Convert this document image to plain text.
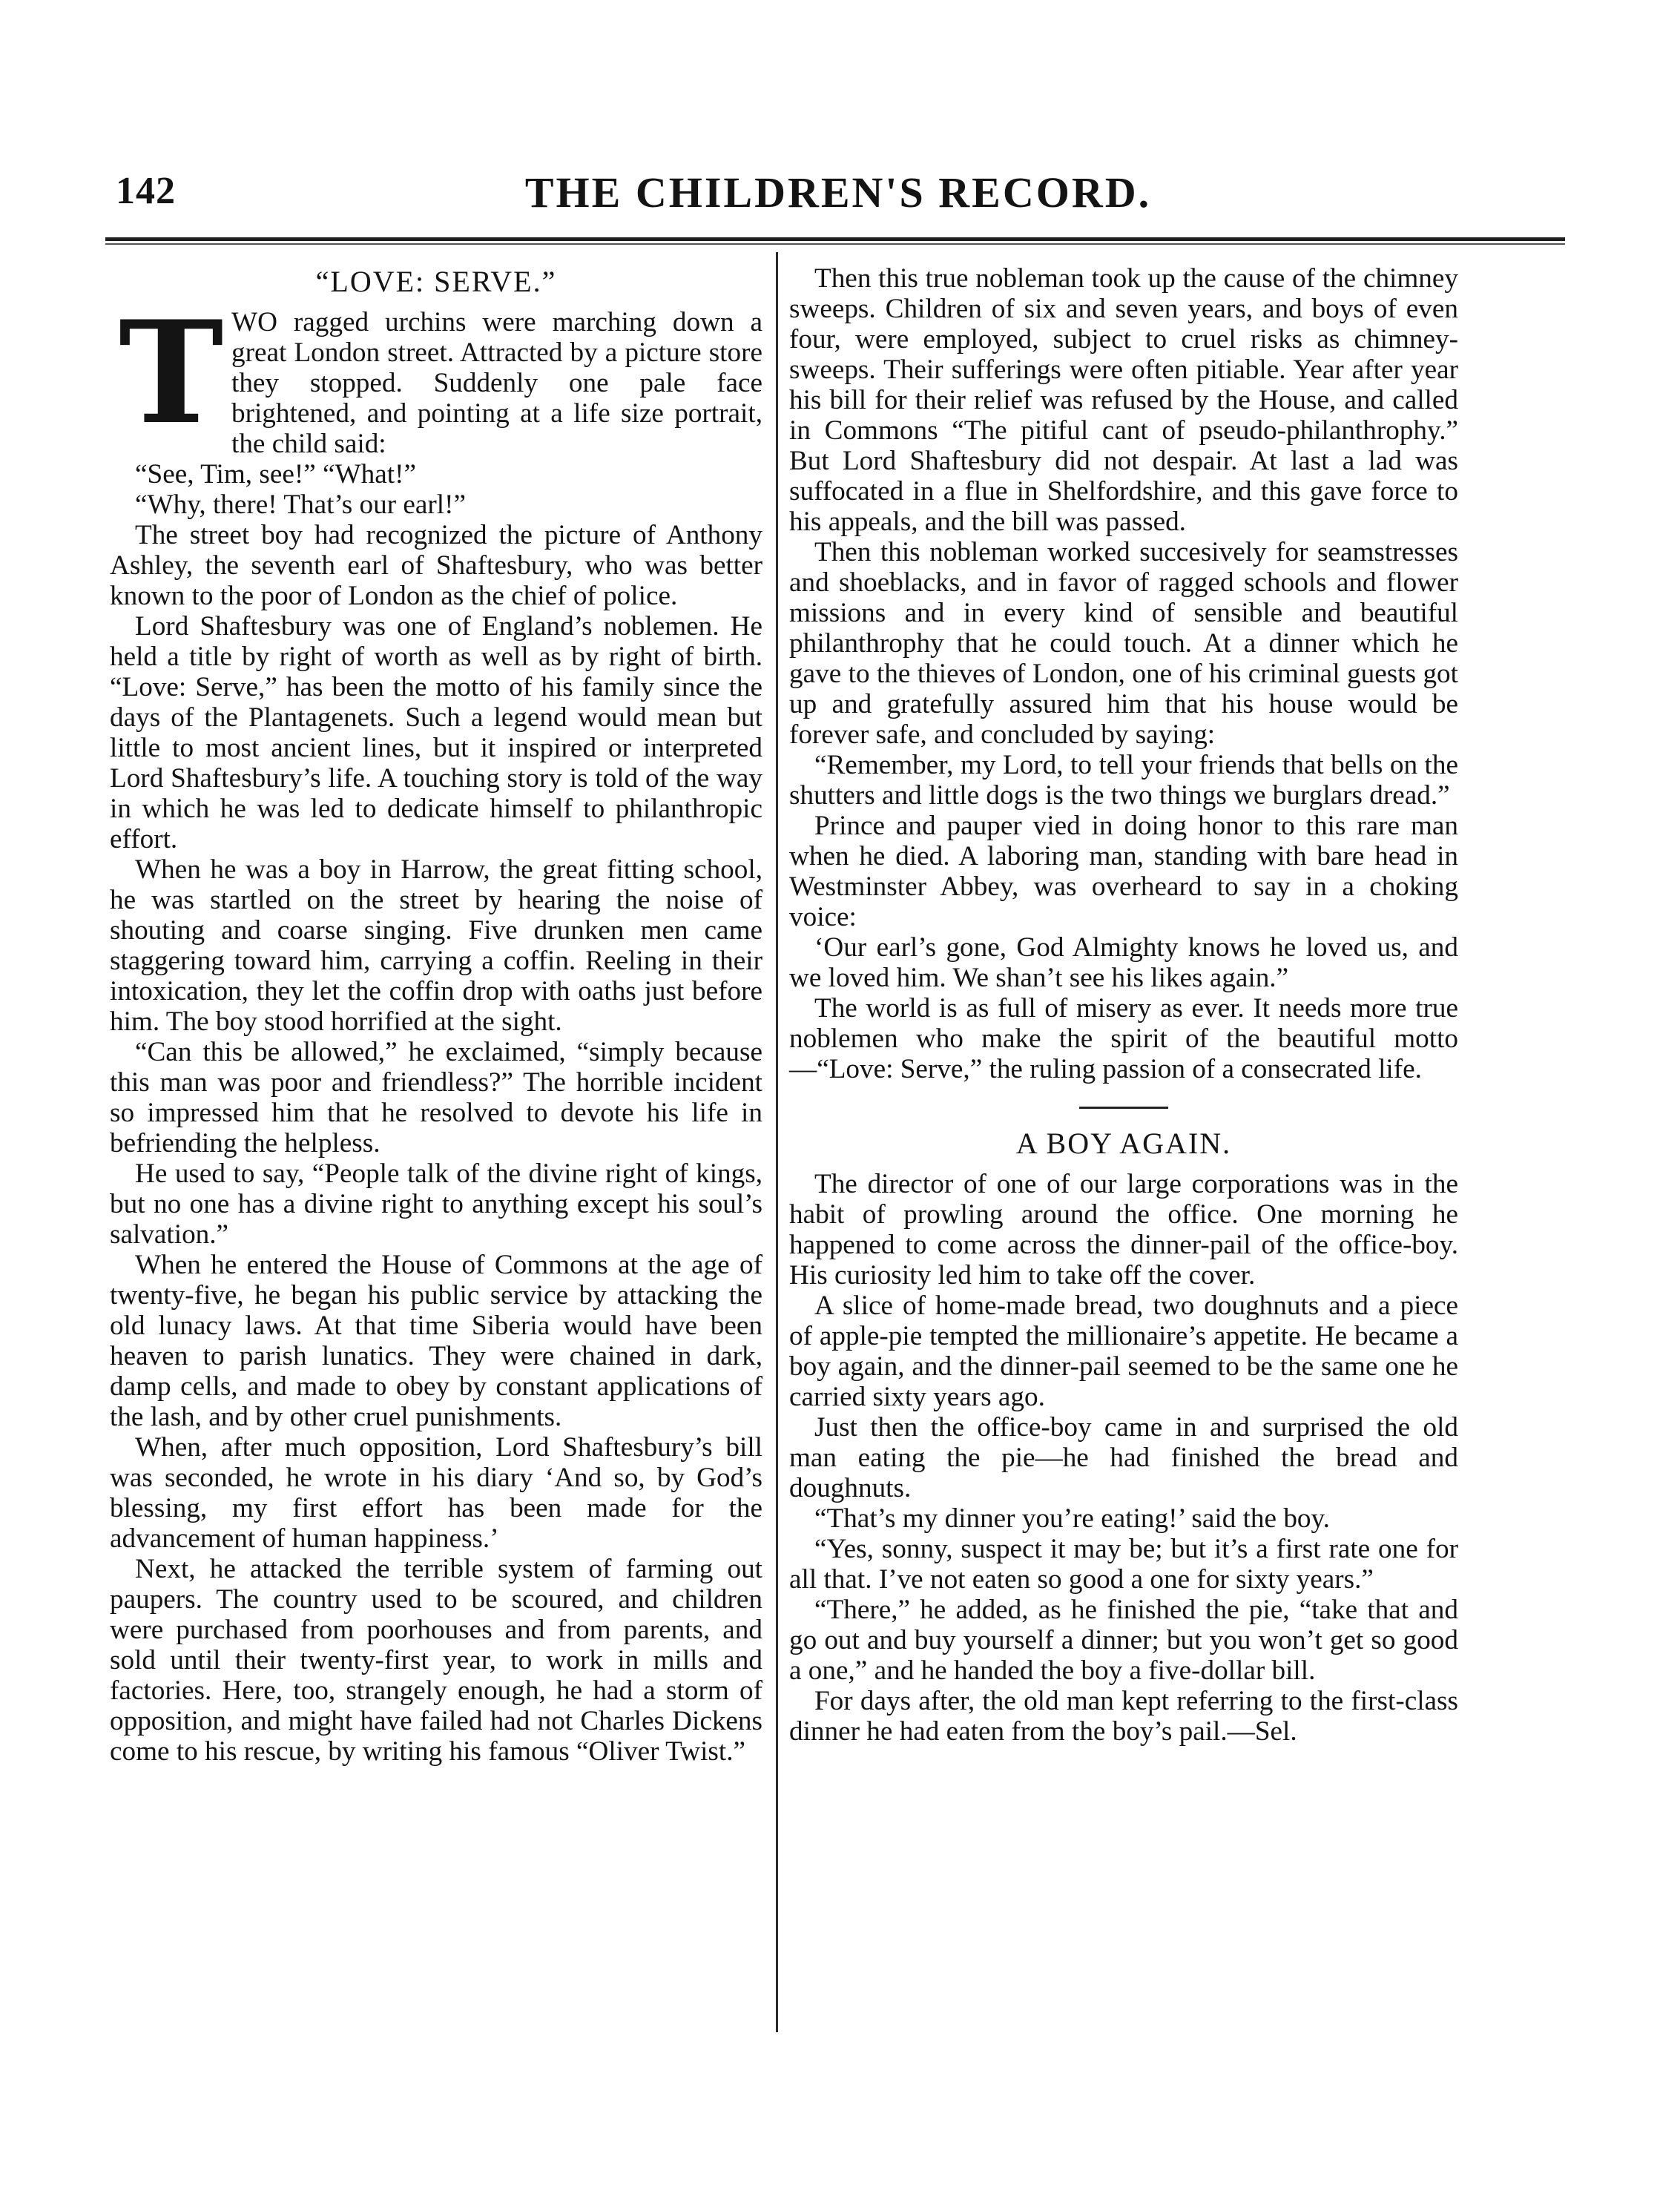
142	THE CHILDREN'S RECORD.
“LOVE: SERVE.”
T WO ragged urchins were marching down a great London street. Attracted by a picture store they stopped. Suddenly one pale face brightened, and pointing at a life size portrait, the child said:

“See, Tim, see!” “What!”

“Why, there! That’s our earl!”

The street boy had recognized the picture of Anthony Ashley, the seventh earl of Shaftesbury, who was better known to the poor of London as the chief of police.

Lord Shaftesbury was one of England’s noblemen. He held a title by right of worth as well as by right of birth. “Love: Serve,” has been the motto of his family since the days of the Plantagenets. Such a legend would mean but little to most ancient lines, but it inspired or interpreted Lord Shaftesbury’s life. A touching story is told of the way in which he was led to dedicate himself to philanthropic effort.

When he was a boy in Harrow, the great fitting school, he was startled on the street by hearing the noise of shouting and coarse singing. Five drunken men came staggering toward him, carrying a coffin. Reeling in their intoxication, they let the coffin drop with oaths just before him. The boy stood horrified at the sight.

“Can this be allowed,” he exclaimed, “simply because this man was poor and friendless?” The horrible incident so impressed him that he resolved to devote his life in befriending the helpless.

He used to say, “People talk of the divine right of kings, but no one has a divine right to anything except his soul’s salvation.”

When he entered the House of Commons at the age of twenty-five, he began his public service by attacking the old lunacy laws. At that time Siberia would have been heaven to parish lunatics. They were chained in dark, damp cells, and made to obey by constant applications of the lash, and by other cruel punishments.

When, after much opposition, Lord Shaftesbury’s bill was seconded, he wrote in his diary ‘And so, by God’s blessing, my first effort has been made for the advancement of human happiness.’

Next, he attacked the terrible system of farming out paupers. The country used to be scoured, and children were purchased from poorhouses and from parents, and sold until their twenty-first year, to work in mills and factories. Here, too, strangely enough, he had a storm of opposition, and might have failed had not Charles Dickens come to his rescue, by writing his famous “Oliver Twist.”

Then this true nobleman took up the cause of the chimney sweeps. Children of six and seven years, and boys of even four, were employed, subject to cruel risks as chimney-sweeps. Their sufferings were often pitiable. Year after year his bill for their relief was refused by the House, and called in Commons “The pitiful cant of pseudo-philanthrophy.” But Lord Shaftesbury did not despair. At last a lad was suffocated in a flue in Shelfordshire, and this gave force to his appeals, and the bill was passed.

Then this nobleman worked succesively for seamstresses and shoeblacks, and in favor of ragged schools and flower missions and in every kind of sensible and beautiful philanthrophy that he could touch. At a dinner which he gave to the thieves of London, one of his criminal guests got up and gratefully assured him that his house would be forever safe, and concluded by saying:

“Remember, my Lord, to tell your friends that bells on the shutters and little dogs is the two things we burglars dread.”

Prince and pauper vied in doing honor to this rare man when he died. A laboring man, standing with bare head in Westminster Abbey, was overheard to say in a choking voice:

‘Our earl’s gone, God Almighty knows he loved us, and we loved him. We shan’t see his likes again.”

The world is as full of misery as ever. It needs more true noblemen who make the spirit of the beautiful motto—“Love: Serve,” the ruling passion of a consecrated life.

A BOY AGAIN.

The director of one of our large corporations was in the habit of prowling around the office. One morning he happened to come across the dinner-pail of the office-boy. His curiosity led him to take off the cover.

A slice of home-made bread, two doughnuts and a piece of apple-pie tempted the millionaire’s appetite. He became a boy again, and the dinner-pail seemed to be the same one he carried sixty years ago.

Just then the office-boy came in and surprised the old man eating the pie—he had finished the bread and doughnuts.

“That’s my dinner you’re eating!’ said the boy.

“Yes, sonny, suspect it may be; but it’s a first rate one for all that. I’ve not eaten so good a one for sixty years.”

“There,” he added, as he finished the pie, “take that and go out and buy yourself a dinner; but you won’t get so good a one,” and he handed the boy a five-dollar bill.

For days after, the old man kept referring to the first-class dinner he had eaten from the boy’s pail.—Sel.
